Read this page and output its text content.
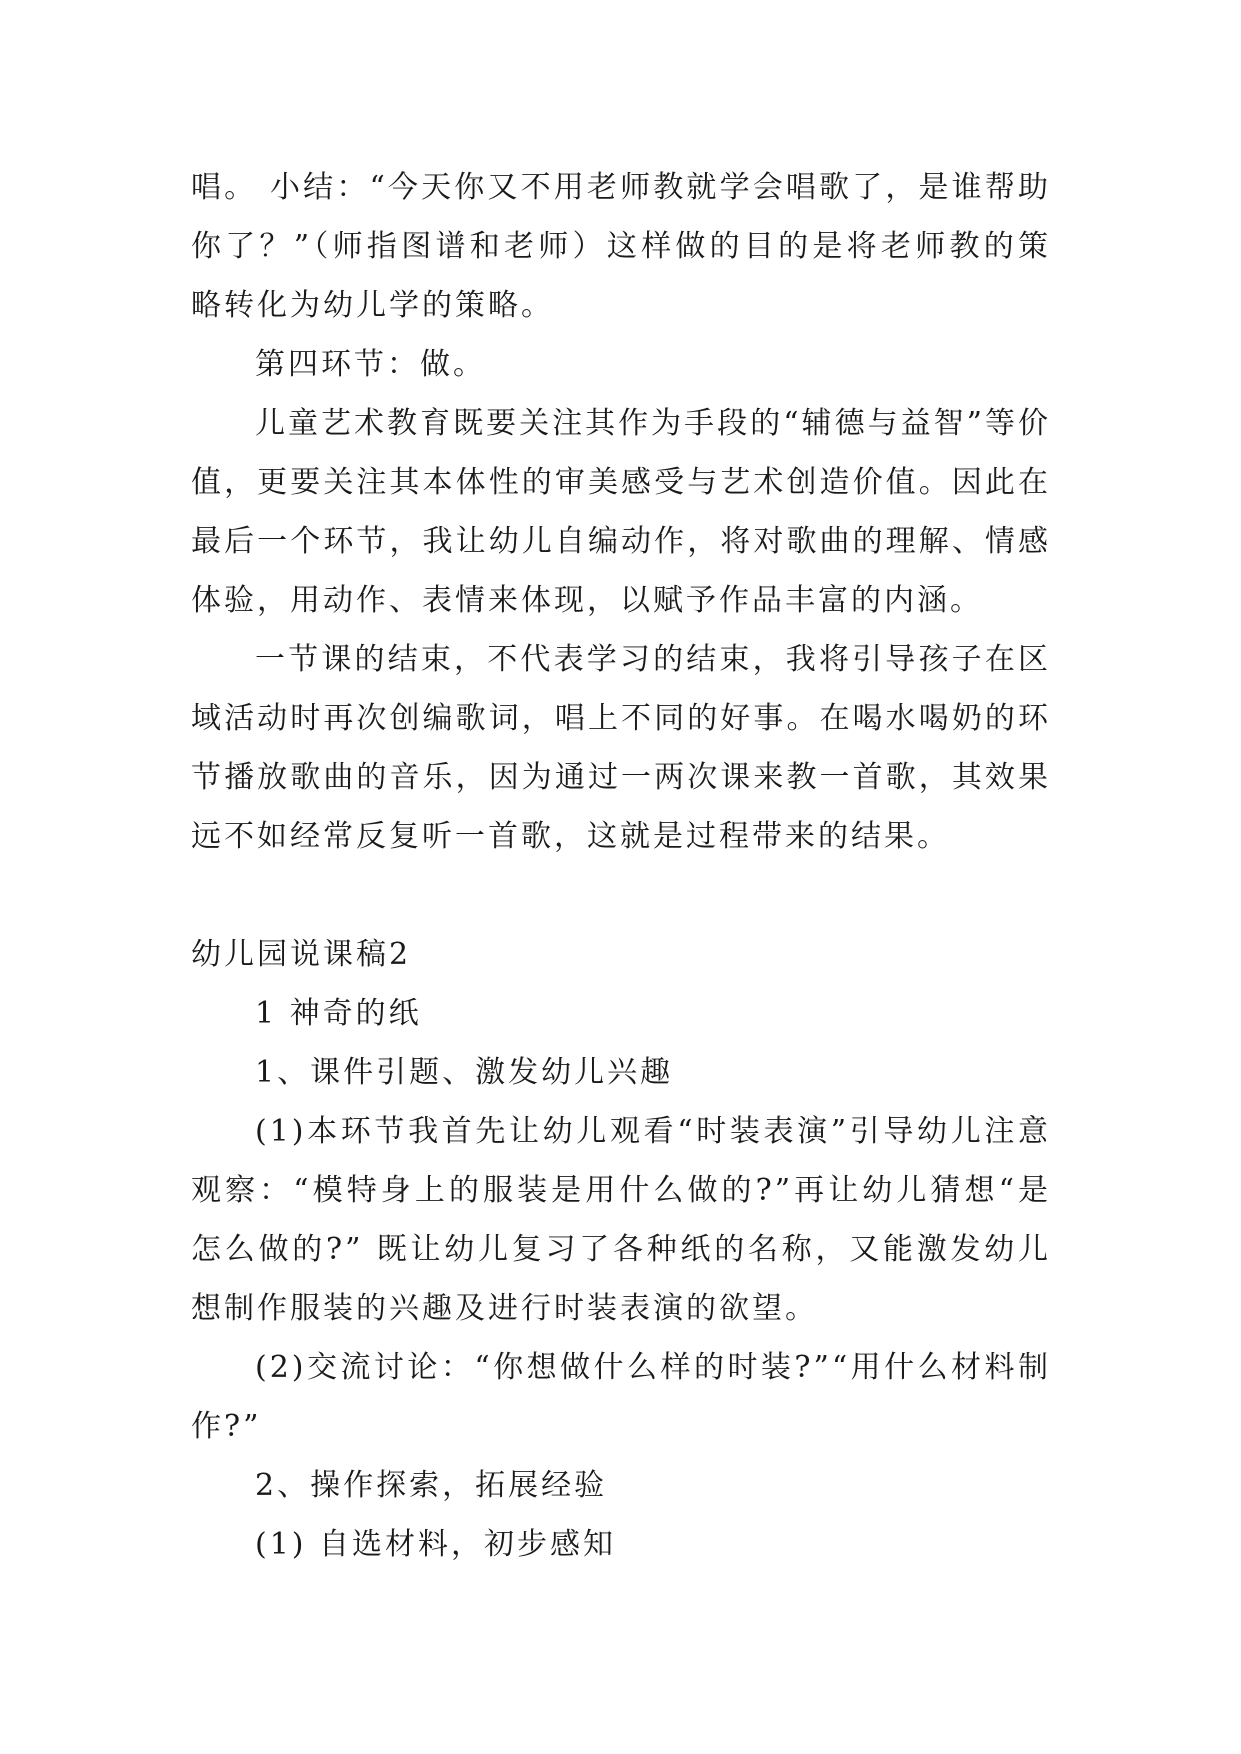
唱。 小结：“今天你又不用老师教就学会唱歌了，是谁帮助你了？”（师指图谱和老师）这样做的目的是将老师教的策略转化为幼儿学的策略。

第四环节：做。

儿童艺术教育既要关注其作为手段的“辅德与益智”等价值，更要关注其本体性的审美感受与艺术创造价值。因此在最后一个环节，我让幼儿自编动作，将对歌曲的理解、情感体验，用动作、表情来体现，以赋予作品丰富的内涵。

一节课的结束，不代表学习的结束，我将引导孩子在区域活动时再次创编歌词，唱上不同的好事。在喝水喝奶的环节播放歌曲的音乐，因为通过一两次课来教一首歌，其效果远不如经常反复听一首歌，这就是过程带来的结果。

幼儿园说课稿2

1 神奇的纸

1、课件引题、激发幼儿兴趣

(1)本环节我首先让幼儿观看“时装表演”引导幼儿注意观察：“模特身上的服装是用什么做的?”再让幼儿猜想“是怎么做的?” 既让幼儿复习了各种纸的名称，又能激发幼儿想制作服装的兴趣及进行时装表演的欲望。

(2)交流讨论：“你想做什么样的时装?”“用什么材料制作?”

2、操作探索，拓展经验

(1) 自选材料，初步感知
